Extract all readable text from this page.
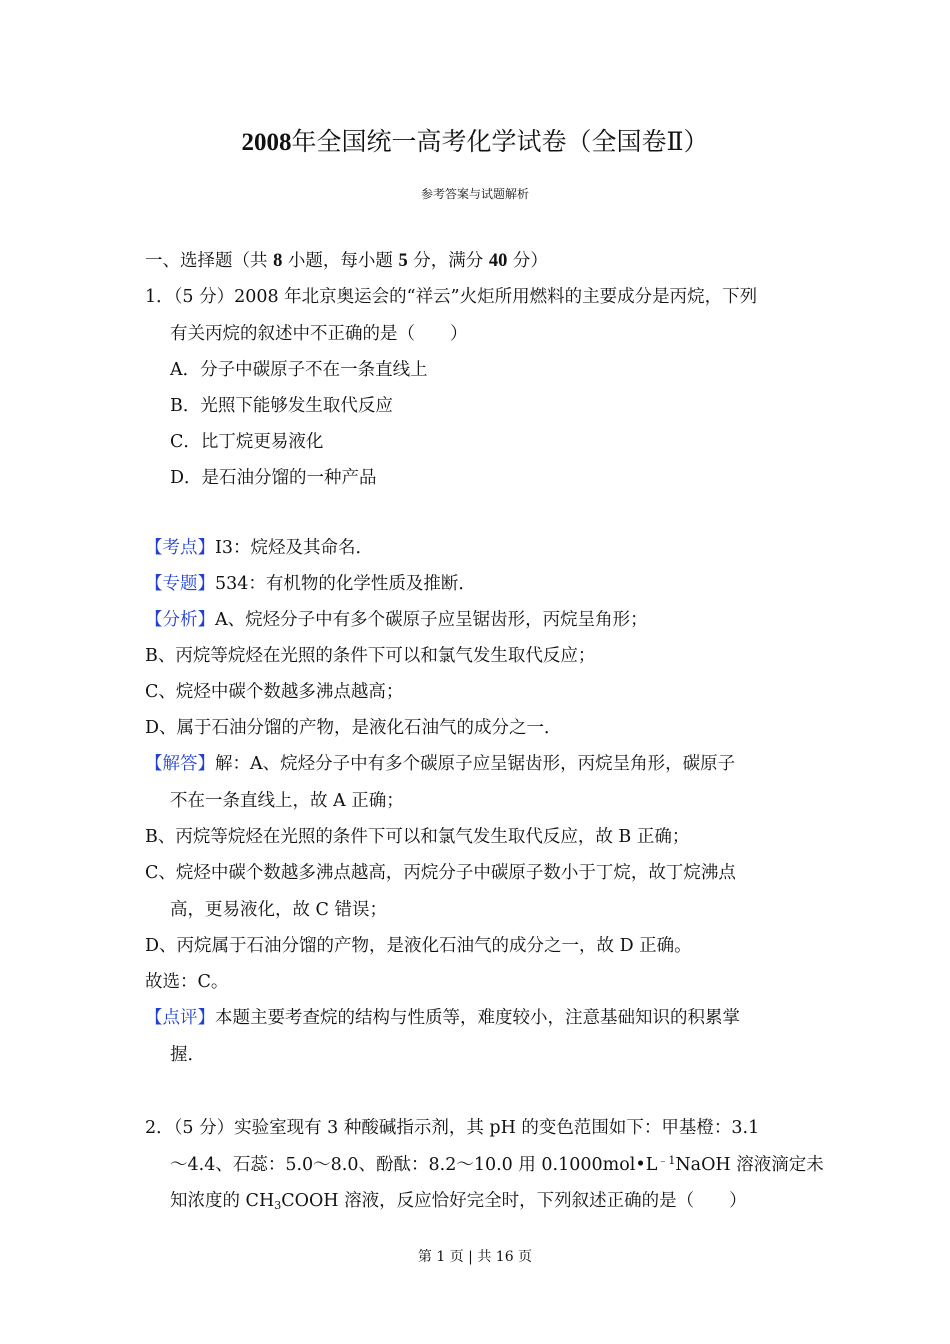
2008年全国统一高考化学试卷（全国卷Ⅱ）
参考答案与试题解析
一、选择题（共 8 小题，每小题 5 分，满分 40 分）
1．（5 分）2008 年北京奥运会的“祥云”火炬所用燃料的主要成分是丙烷，下列
有关丙烷的叙述中不正确的是（　　）
A．分子中碳原子不在一条直线上
B．光照下能够发生取代反应
C．比丁烷更易液化
D．是石油分馏的一种产品
【考点】I3：烷烃及其命名．
【专题】534：有机物的化学性质及推断．
【分析】A、烷烃分子中有多个碳原子应呈锯齿形，丙烷呈角形；
B、丙烷等烷烃在光照的条件下可以和氯气发生取代反应；
C、烷烃中碳个数越多沸点越高；
D、属于石油分馏的产物，是液化石油气的成分之一．
【解答】解：A、烷烃分子中有多个碳原子应呈锯齿形，丙烷呈角形，碳原子
不在一条直线上，故 A 正确；
B、丙烷等烷烃在光照的条件下可以和氯气发生取代反应，故 B 正确；
C、烷烃中碳个数越多沸点越高，丙烷分子中碳原子数小于丁烷，故丁烷沸点
高，更易液化，故 C 错误；
D、丙烷属于石油分馏的产物，是液化石油气的成分之一，故 D 正确。
故选：C。
【点评】本题主要考查烷的结构与性质等，难度较小，注意基础知识的积累掌
握．
2．（5 分）实验室现有 3 种酸碱指示剂，其 pH 的变色范围如下：甲基橙：3.1
～4.4、石蕊：5.0～8.0、酚酞：8.2～10.0 用 $0.1000mol•L^{﹣1}NaOH$ 溶液滴定未
知浓度的 $CH_3COOH$ 溶液，反应恰好完全时，下列叙述正确的是（　　）
第 1 页 | 共 16 页
